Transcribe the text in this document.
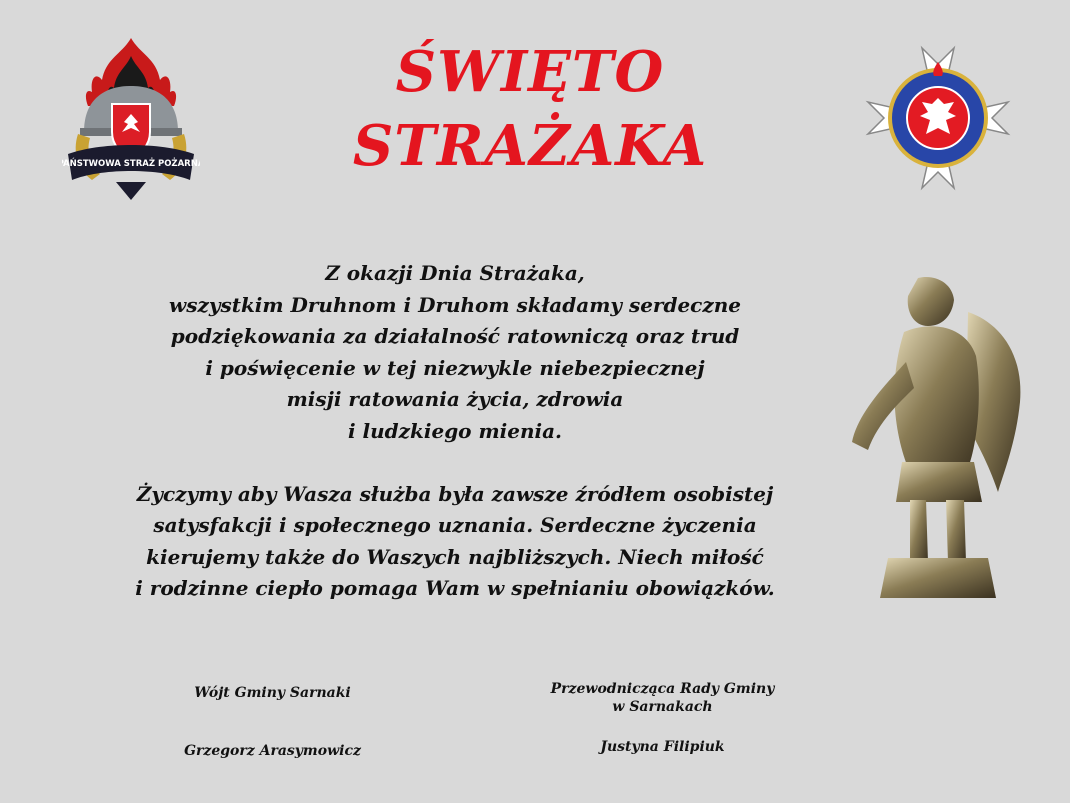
PAŃSTWOWA STRAŻ POŻARNA
ŚWIĘTO
STRAŻAKA

Z okazji Dnia Strażaka,
wszystkim Druhnom i Druhom składamy serdeczne
podziękowania za działalność ratowniczą oraz trud
i poświęcenie w tej niezwykle niebezpiecznej
misji ratowania życia, zdrowia
i ludzkiego mienia.

Życzymy aby Wasza służba była zawsze źródłem osobistej
satysfakcji i społecznego uznania. Serdeczne życzenia
kierujemy także do Waszych najbliższych. Niech miłość
i rodzinne ciepło pomaga Wam w spełnianiu obowiązków.

Wójt Gminy Sarnaki
Grzegorz Arasymowicz
Przewodnicząca Rady Gminy
w Sarnakach
Justyna Filipiuk
